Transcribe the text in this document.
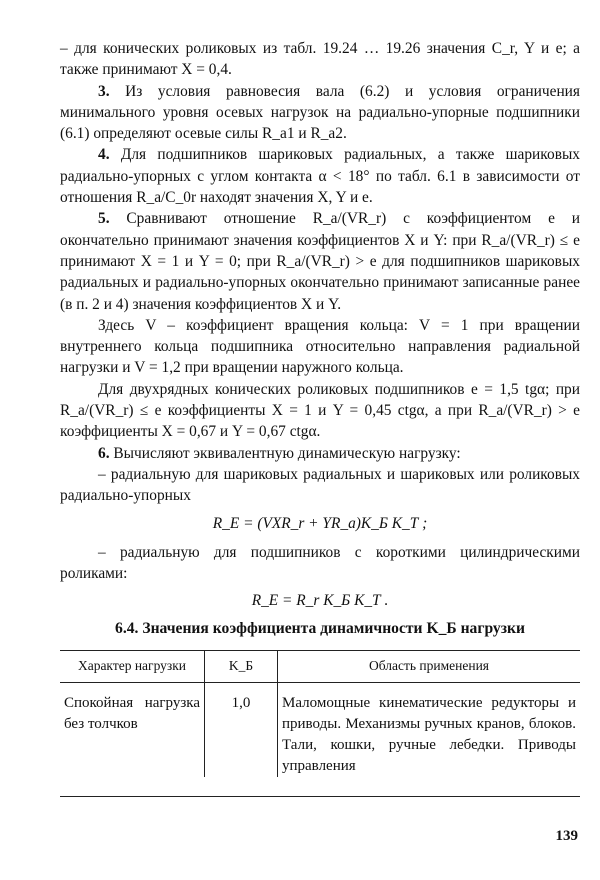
– для конических роликовых из табл. 19.24 … 19.26 значения C_r, Y и e; а также принимают X = 0,4.

3. Из условия равновесия вала (6.2) и условия ограничения минимального уровня осевых нагрузок на радиально-упорные подшипники (6.1) определяют осевые силы R_a1 и R_a2.

4. Для подшипников шариковых радиальных, а также шариковых радиально-упорных с углом контакта α < 18° по табл. 6.1 в зависимости от отношения R_a/C_0r находят значения X, Y и e.

5. Сравнивают отношение R_a/(VR_r) с коэффициентом e и окончательно принимают значения коэффициентов X и Y: при R_a/(VR_r) ≤ e принимают X = 1 и Y = 0; при R_a/(VR_r) > e для подшипников шариковых радиальных и радиально-упорных окончательно принимают записанные ранее (в п. 2 и 4) значения коэффициентов X и Y.

Здесь V – коэффициент вращения кольца: V = 1 при вращении внутреннего кольца подшипника относительно направления радиальной нагрузки и V = 1,2 при вращении наружного кольца.

Для двухрядных конических роликовых подшипников e = 1,5 tgα; при R_a/(VR_r) ≤ e коэффициенты X = 1 и Y = 0,45 ctgα, а при R_a/(VR_r) > e коэффициенты X = 0,67 и Y = 0,67 ctgα.

6. Вычисляют эквивалентную динамическую нагрузку:

– радиальную для шариковых радиальных и шариковых или роликовых радиально-упорных

R_E = (VXR_r + YR_a)K_Б K_Т ;

– радиальную для подшипников с короткими цилиндрическими роликами:

R_E = R_r K_Б K_Т .

6.4. Значения коэффициента динамичности K_Б нагрузки
Характер нагрузки	K_Б	Область применения
Спокойная нагрузка без толчков	1,0	Маломощные кинематические редукторы и приводы. Механизмы ручных кранов, блоков. Тали, кошки, ручные лебедки. Приводы управления
139
